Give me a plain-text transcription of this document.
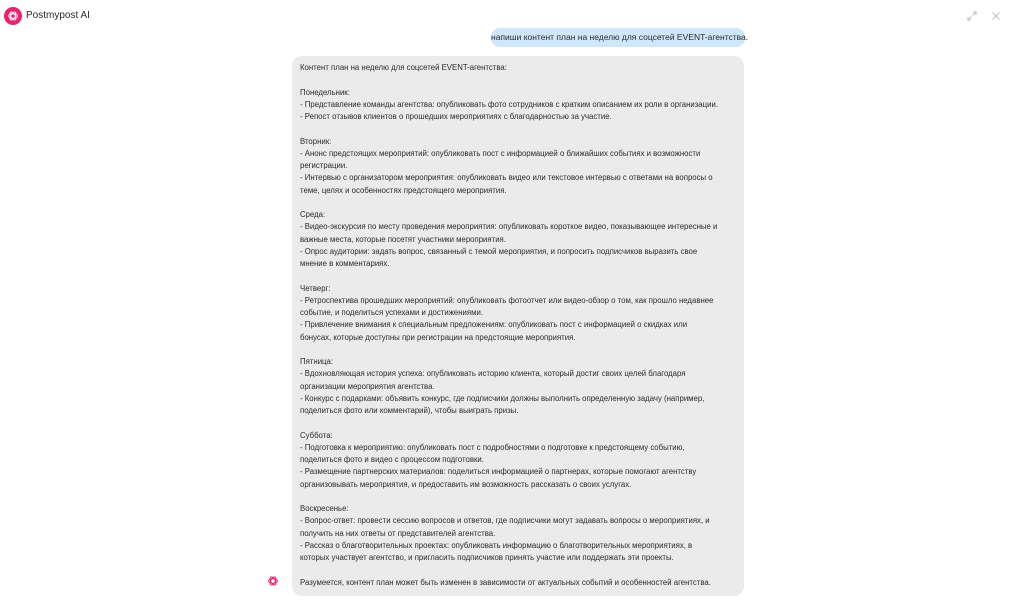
Postmypost AI
напиши контент план на неделю для соцсетей EVENT-агентства.
Контент план на неделю для соцсетей EVENT-агентства:
Понедельник:
- Представление команды агентства: опубликовать фото сотрудников с кратким описанием их роли в организации.
- Репост отзывов клиентов о прошедших мероприятиях с благодарностью за участие.
Вторник:
- Анонс предстоящих мероприятий: опубликовать пост с информацией о ближайших событиях и возможности
регистрации.
- Интервью с организатором мероприятия: опубликовать видео или текстовое интервью с ответами на вопросы о
теме, целях и особенностях предстоящего мероприятия.
Среда:
- Видео-экскурсия по месту проведения мероприятия: опубликовать короткое видео, показывающее интересные и
важные места, которые посетят участники мероприятия.
- Опрос аудитории: задать вопрос, связанный с темой мероприятия, и попросить подписчиков выразить свое
мнение в комментариях.
Четверг:
- Ретроспектива прошедших мероприятий: опубликовать фотоотчет или видео-обзор о том, как прошло недавнее
событие, и поделиться успехами и достижениями.
- Привлечение внимания к специальным предложениям: опубликовать пост с информацией о скидках или
бонусах, которые доступны при регистрации на предстоящие мероприятия.
Пятница:
- Вдохновляющая история успеха: опубликовать историю клиента, который достиг своих целей благодаря
организации мероприятия агентства.
- Конкурс с подарками: объявить конкурс, где подписчики должны выполнить определенную задачу (например,
поделиться фото или комментарий), чтобы выиграть призы.
Суббота:
- Подготовка к мероприятию: опубликовать пост с подробностями о подготовке к предстоящему событию,
поделиться фото и видео с процессом подготовки.
- Размещение партнерских материалов: поделиться информацией о партнерах, которые помогают агентству
организовывать мероприятия, и предоставить им возможность рассказать о своих услугах.
Воскресенье:
- Вопрос-ответ: провести сессию вопросов и ответов, где подписчики могут задавать вопросы о мероприятиях, и
получить на них ответы от представителей агентства.
- Рассказ о благотворительных проектах: опубликовать информацию о благотворительных мероприятиях, в
которых участвует агентство, и пригласить подписчиков принять участие или поддержать эти проекты.
Разумеется, контент план может быть изменен в зависимости от актуальных событий и особенностей агентства.
